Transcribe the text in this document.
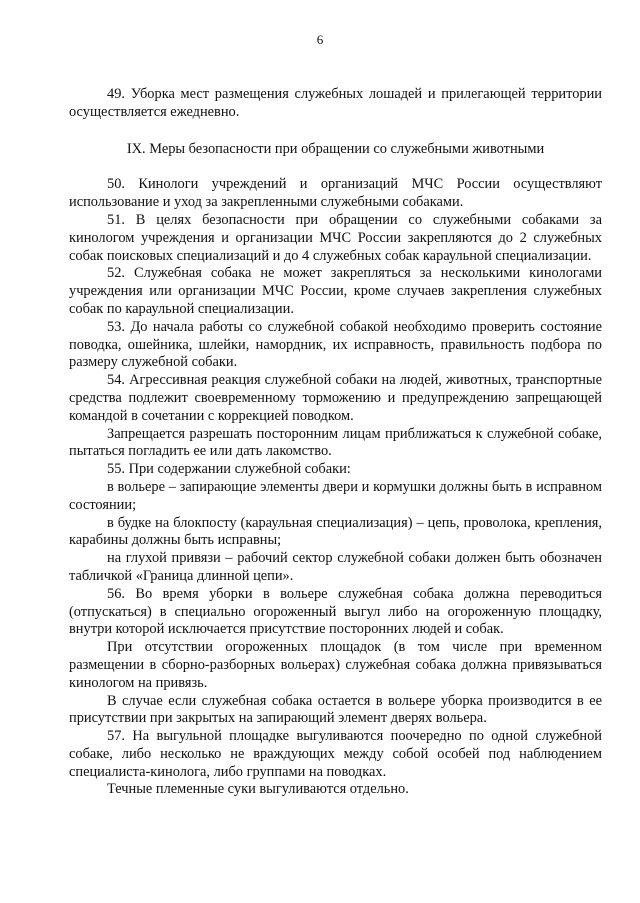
6

49. Уборка мест размещения служебных лошадей и прилегающей территории осуществляется ежедневно.

IX. Меры безопасности при обращении со служебными животными

50. Кинологи учреждений и организаций МЧС России осуществляют использование и уход за закрепленными служебными собаками.

51. В целях безопасности при обращении со служебными собаками за кинологом учреждения и организации МЧС России закрепляются до 2 служебных собак поисковых специализаций и до 4 служебных собак караульной специализации.

52. Служебная собака не может закрепляться за несколькими кинологами учреждения или организации МЧС России, кроме случаев закрепления служебных собак по караульной специализации.

53. До начала работы со служебной собакой необходимо проверить состояние поводка, ошейника, шлейки, намордник, их исправность, правильность подбора по размеру служебной собаки.

54. Агрессивная реакция служебной собаки на людей, животных, транспортные средства подлежит своевременному торможению и предупреждению запрещающей командой в сочетании с коррекцией поводком.

Запрещается разрешать посторонним лицам приближаться к служебной собаке, пытаться погладить ее или дать лакомство.

55. При содержании служебной собаки:

в вольере – запирающие элементы двери и кормушки должны быть в исправном состоянии;

в будке на блокпосту (караульная специализация) – цепь, проволока, крепления, карабины должны быть исправны;

на глухой привязи – рабочий сектор служебной собаки должен быть обозначен табличкой «Граница длинной цепи».

56. Во время уборки в вольере служебная собака должна переводиться (отпускаться) в специально огороженный выгул либо на огороженную площадку, внутри которой исключается присутствие посторонних людей и собак.

При отсутствии огороженных площадок (в том числе при временном размещении в сборно-разборных вольерах) служебная собака должна привязываться кинологом на привязь.

В случае если служебная собака остается в вольере уборка производится в ее присутствии при закрытых на запирающий элемент дверях вольера.

57. На выгульной площадке выгуливаются поочередно по одной служебной собаке, либо несколько не враждующих между собой особей под наблюдением специалиста-кинолога, либо группами на поводках.

Течные племенные суки выгуливаются отдельно.
